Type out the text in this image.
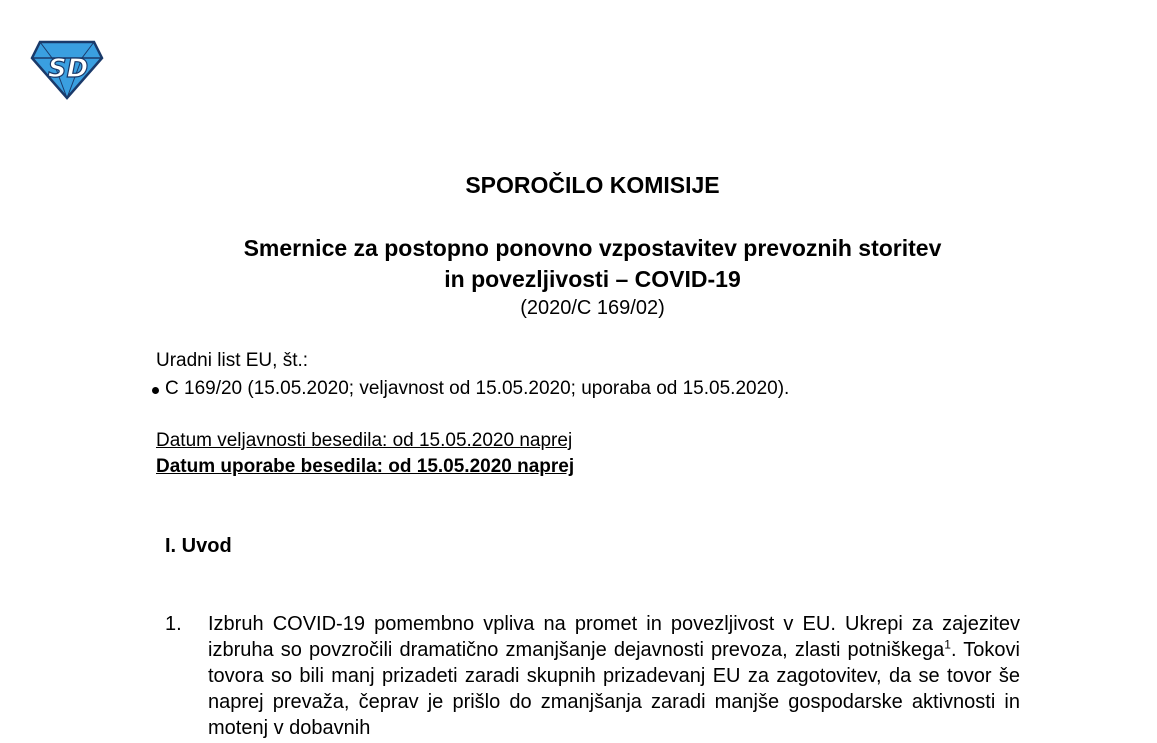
SD
SPOROČILO KOMISIJE
Smernice za postopno ponovno vzpostavitev prevoznih storitev
in povezljivosti – COVID-19
(2020/C 169/02)
Uradni list EU, št.:
C 169/20 (15.05.2020; veljavnost od 15.05.2020; uporaba od 15.05.2020).
Datum veljavnosti besedila: od 15.05.2020 naprej
Datum uporabe besedila: od 15.05.2020 naprej
I. Uvod
1. Izbruh COVID-19 pomembno vpliva na promet in povezljivost v EU. Ukrepi za zajezitev izbruha so povzročili dramatično zmanjšanje dejavnosti prevoza, zlasti potniškega$^1$. Tokovi tovora so bili manj prizadeti zaradi skupnih prizadevanj EU za zagotovitev, da se tovor še naprej prevaža, čeprav je prišlo do zmanjšanja zaradi manjše gospodarske aktivnosti in motenj v dobavnih
